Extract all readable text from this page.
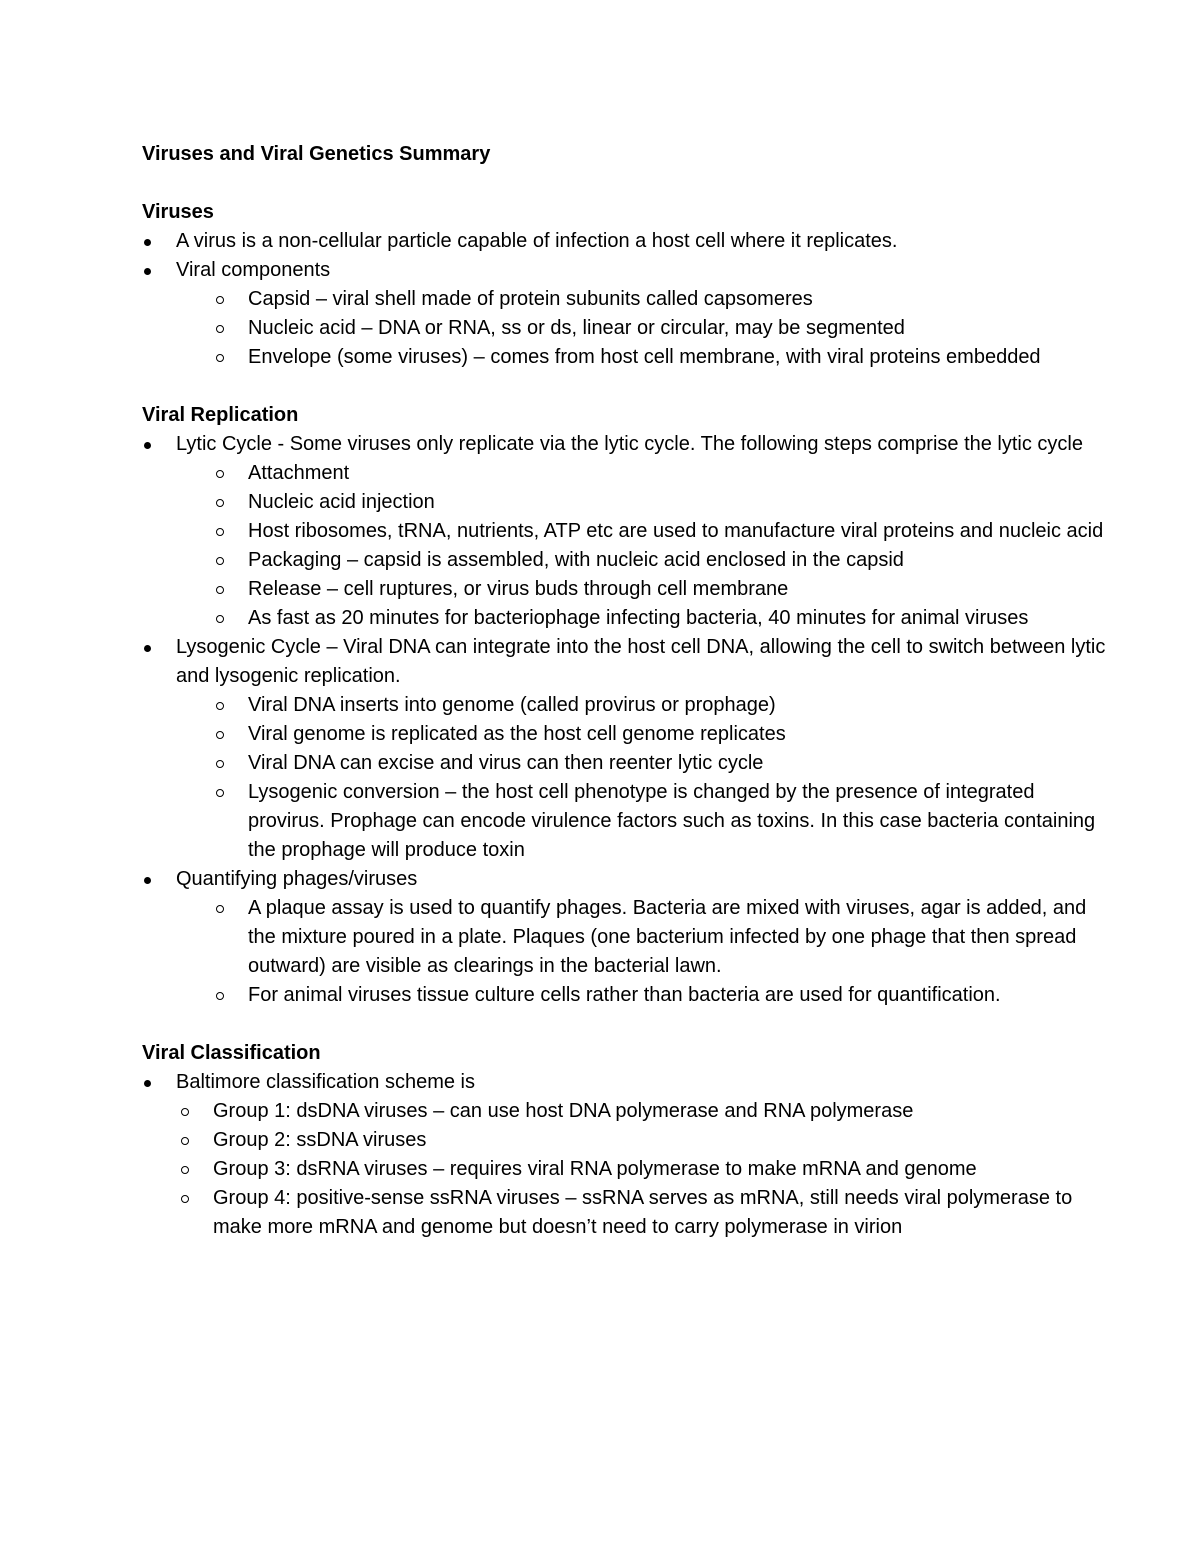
Viruses and Viral Genetics Summary
Viruses
A virus is a non-cellular particle capable of infection a host cell where it replicates.
Viral components
Capsid – viral shell made of protein subunits called capsomeres
Nucleic acid – DNA or RNA, ss or ds, linear or circular, may be segmented
Envelope (some viruses) – comes from host cell membrane, with viral proteins embedded
Viral Replication
Lytic Cycle - Some viruses only replicate via the lytic cycle. The following steps comprise the lytic cycle
Attachment
Nucleic acid injection
Host ribosomes, tRNA, nutrients, ATP etc are used to manufacture viral proteins and nucleic acid
Packaging – capsid is assembled, with nucleic acid enclosed in the capsid
Release – cell ruptures, or virus buds through cell membrane
As fast as 20 minutes for bacteriophage infecting bacteria, 40 minutes for animal viruses
Lysogenic Cycle – Viral DNA can integrate into the host cell DNA, allowing the cell to switch between lytic and lysogenic replication.
Viral DNA inserts into genome (called provirus or prophage)
Viral genome is replicated as the host cell genome replicates
Viral DNA can excise and virus can then reenter lytic cycle
Lysogenic conversion – the host cell phenotype is changed by the presence of integrated provirus. Prophage can encode virulence factors such as toxins. In this case bacteria containing the prophage will produce toxin
Quantifying phages/viruses
A plaque assay is used to quantify phages. Bacteria are mixed with viruses, agar is added, and the mixture poured in a plate. Plaques (one bacterium infected by one phage that then spread outward) are visible as clearings in the bacterial lawn.
For animal viruses tissue culture cells rather than bacteria are used for quantification.
Viral Classification
Baltimore classification scheme is
Group 1: dsDNA viruses – can use host DNA polymerase and RNA polymerase
Group 2: ssDNA viruses
Group 3: dsRNA viruses – requires viral RNA polymerase to make mRNA and genome
Group 4: positive-sense ssRNA viruses – ssRNA serves as mRNA, still needs viral polymerase to make more mRNA and genome but doesn’t need to carry polymerase in virion
